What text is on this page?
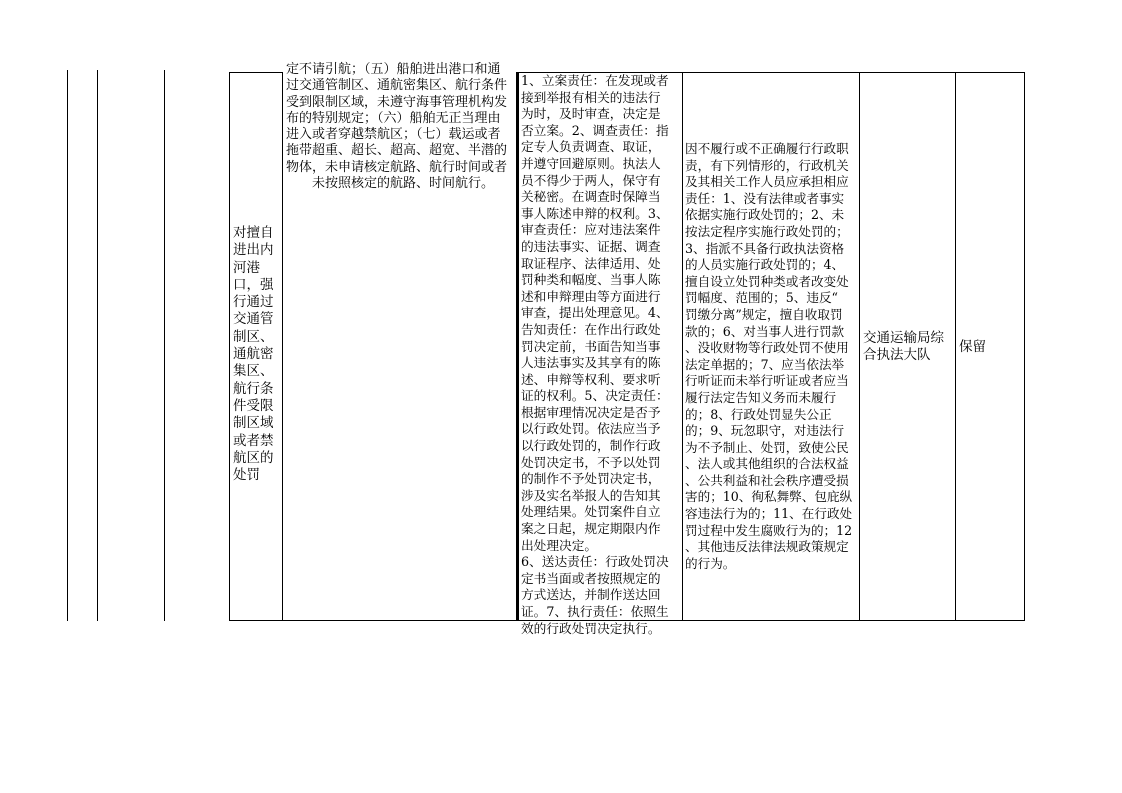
对擅自进出内河港口，强行通过交通管制区、通航密集区、航行条件受限制区域或者禁航区的处罚
定不请引航；（五）船舶进出港口和通
过交通管制区、通航密集区、航行条件
受到限制区域，未遵守海事管理机构发
布的特别规定；（六）船舶无正当理由
进入或者穿越禁航区；（七）载运或者
拖带超重、超长、超高、超宽、半潜的
物体，未申请核定航路、航行时间或者
　　未按照核定的航路、时间航行。
1、立案责任：在发现或者
接到举报有相关的违法行
为时，及时审查，决定是
否立案。2、调查责任：指
定专人负责调查、取证，
并遵守回避原则。执法人
员不得少于两人，保守有
关秘密。在调查时保障当
事人陈述申辩的权利。3、
审查责任：应对违法案件
的违法事实、证据、调查
取证程序、法律适用、处
罚种类和幅度、当事人陈
述和申辩理由等方面进行
审查，提出处理意见。4、
告知责任：在作出行政处
罚决定前，书面告知当事
人违法事实及其享有的陈
述、申辩等权利、要求听
证的权利。5、决定责任：
根据审理情况决定是否予
以行政处罚。依法应当予
以行政处罚的，制作行政
处罚决定书，不予以处罚
的制作不予处罚决定书，
涉及实名举报人的告知其
处理结果。处罚案件自立
案之日起，规定期限内作
出处理决定。
6、送达责任：行政处罚决
定书当面或者按照规定的
方式送达，并制作送达回
证。7、执行责任：依照生
效的行政处罚决定执行。
因不履行或不正确履行行政职
责，有下列情形的，行政机关
及其相关工作人员应承担相应
责任：1、没有法律或者事实
依据实施行政处罚的；2、未
按法定程序实施行政处罚的；
3、指派不具备行政执法资格
的人员实施行政处罚的；4、
擅自设立处罚种类或者改变处
罚幅度、范围的；5、违反“
罚缴分离”规定，擅自收取罚
款的；6、对当事人进行罚款
、没收财物等行政处罚不使用
法定单据的；7、应当依法举
行听证而未举行听证或者应当
履行法定告知义务而未履行
的；8、行政处罚显失公正
的；9、玩忽职守，对违法行
为不予制止、处罚，致使公民
、法人或其他组织的合法权益
、公共利益和社会秩序遭受损
害的；10、徇私舞弊、包庇纵
容违法行为的；11、在行政处
罚过程中发生腐败行为的；12
、其他违反法律法规政策规定
的行为。
交通运输局综
合执法大队	保留
